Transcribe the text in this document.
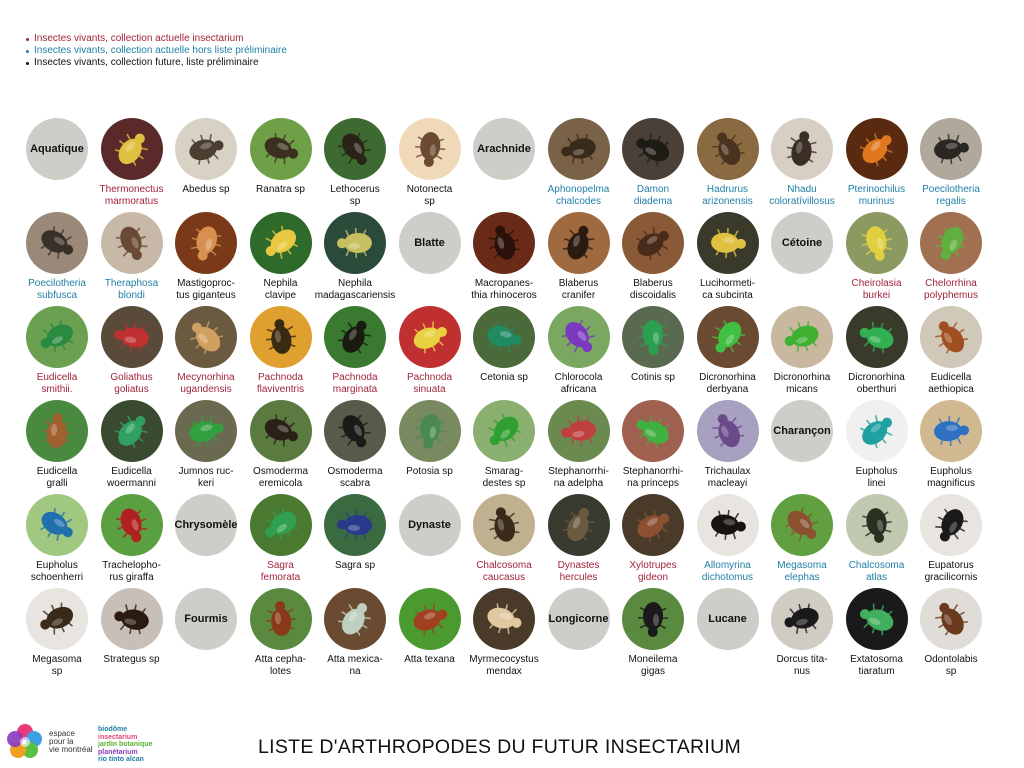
Insectes vivants, collection actuelle insectarium
Insectes vivants, collection actuelle hors liste préliminaire
Insectes vivants, collection future, liste préliminaire
Aquatique
Thermonectus
marmoratus
Abedus sp	Ranatra sp	Lethocerus
sp
Notonecta
sp
Arachnide
Aphonopelma
chalcodes
Damon
diadema
Hadrurus
arizonensis
Nhadu
coloratívillosus
Pterinochilus
murinus
Poecilotheria
regalis
Poecilotheria
subfusca
Theraphosa
blondi
Mastigoproc-
tus giganteus
Nephila
clavipe
Nephila
madagascariensis
Blatte
Macropanes-
thia rhinoceros
Blaberus
cranifer
Blaberus
discoidalis
Lucihormeti-
ca subcinta
Cétoine
Cheirolasia
burkei
Chelorrhina
polyphemus
Eudicella
smithii.
Goliathus
goliatus
Mecynorhina
ugandensis
Pachnoda
flaviventris
Pachnoda
marginata
Pachnoda
sinuata
Cetonia sp	Chlorocola
africana
Cotinis sp	Dicronorhina
derbyana
Dicronorhina
micans
Dicronorhina
oberthuri
Eudicella
aethiopica
Eudicella
gralli
Eudicella
woermanni
Jumnos ruc-
keri
Osmoderma
eremicola
Osmoderma
scabra
Potosia sp	Smarag-
destes sp
Stephanorrhi-
na adelpha
Stephanorrhi-
na princeps
Trichaulax
macleayi
Charançon
Eupholus
linei
Eupholus
magnificus
Eupholus
schoenherri
Trachelopho-
rus giraffa
Chrysomèle
Sagra
femorata
Sagra sp
Dynaste
Chalcosoma
caucasus
Dynastes
hercules
Xylotrupes
gideon
Allomyrina
dichotomus
Megasoma
elephas
Chalcosoma
atlas
Eupatorus
gracilicornis
Megasoma
sp
Strategus sp
Fourmis
Atta cepha-
lotes
Atta mexica-
na
Atta texana	Myrmecocystus
mendax
Longicorne
Moneilema
gigas
Lucane
Dorcus tita-
nus
Extatosoma
tiaratum
Odontolabis
sp
espace
pour la
vie montréal
biodôme
insectarium
jardin botanique
planétarium
rio tinto alcan
LISTE D'ARTHROPODES DU FUTUR INSECTARIUM
